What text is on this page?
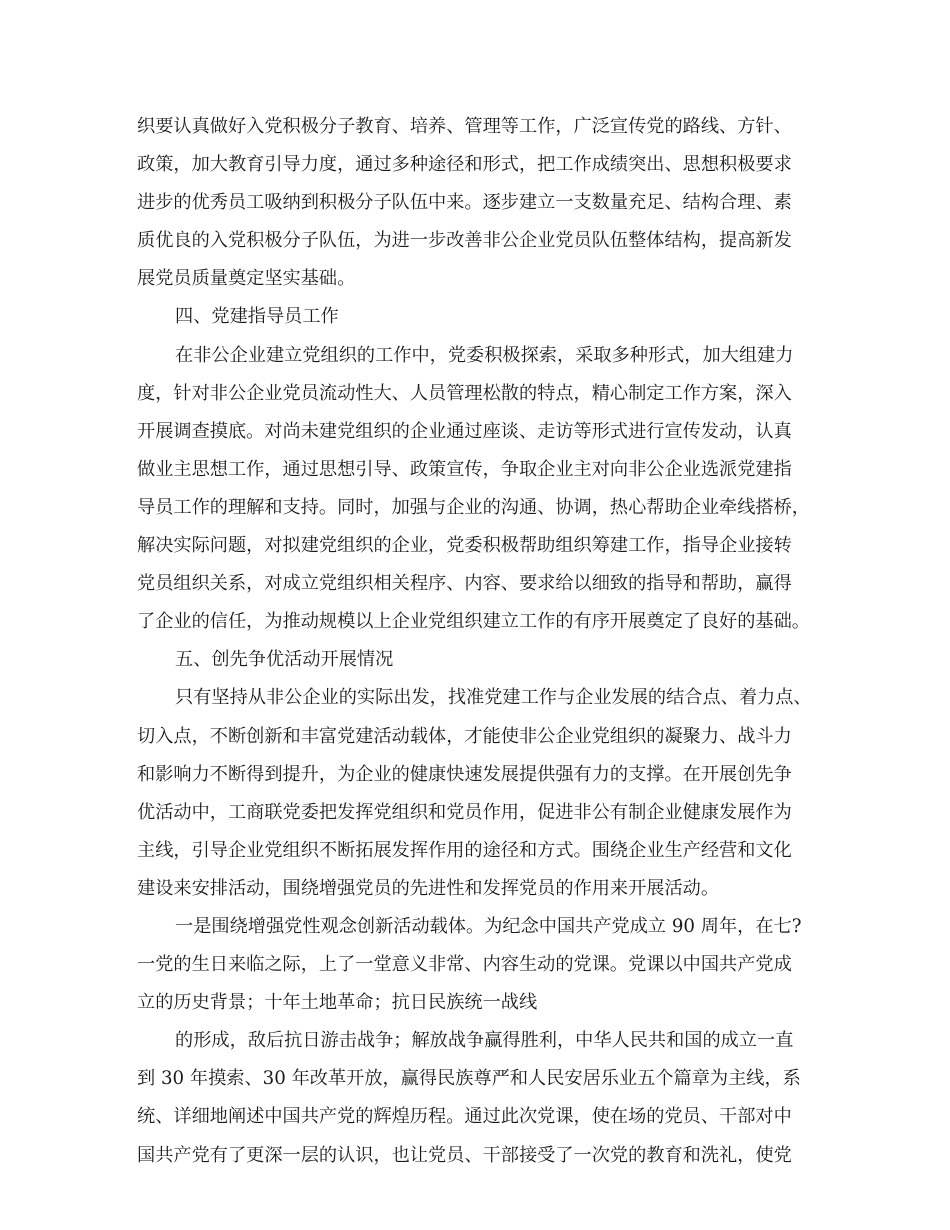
织要认真做好入党积极分子教育、培养、管理等工作，广泛宣传党的路线、方针、
政策，加大教育引导力度，通过多种途径和形式，把工作成绩突出、思想积极要求
进步的优秀员工吸纳到积极分子队伍中来。逐步建立一支数量充足、结构合理、素
质优良的入党积极分子队伍，为进一步改善非公企业党员队伍整体结构，提高新发
展党员质量奠定坚实基础。
四、党建指导员工作
在非公企业建立党组织的工作中，党委积极探索，采取多种形式，加大组建力
度，针对非公企业党员流动性大、人员管理松散的特点，精心制定工作方案，深入
开展调查摸底。对尚未建党组织的企业通过座谈、走访等形式进行宣传发动，认真
做业主思想工作，通过思想引导、政策宣传，争取企业主对向非公企业选派党建指
导员工作的理解和支持。同时，加强与企业的沟通、协调，热心帮助企业牵线搭桥，
解决实际问题，对拟建党组织的企业，党委积极帮助组织筹建工作，指导企业接转
党员组织关系，对成立党组织相关程序、内容、要求给以细致的指导和帮助，赢得
了企业的信任，为推动规模以上企业党组织建立工作的有序开展奠定了良好的基础。
五、创先争优活动开展情况
只有坚持从非公企业的实际出发，找准党建工作与企业发展的结合点、着力点、
切入点，不断创新和丰富党建活动载体，才能使非公企业党组织的凝聚力、战斗力
和影响力不断得到提升，为企业的健康快速发展提供强有力的支撑。在开展创先争
优活动中，工商联党委把发挥党组织和党员作用，促进非公有制企业健康发展作为
主线，引导企业党组织不断拓展发挥作用的途径和方式。围绕企业生产经营和文化
建设来安排活动，围绕增强党员的先进性和发挥党员的作用来开展活动。
一是围绕增强党性观念创新活动载体。为纪念中国共产党成立 90 周年，在七?
一党的生日来临之际，上了一堂意义非常、内容生动的党课。党课以中国共产党成
立的历史背景；十年土地革命；抗日民族统一战线
的形成，敌后抗日游击战争；解放战争赢得胜利，中华人民共和国的成立一直
到 30 年摸索、30 年改革开放，赢得民族尊严和人民安居乐业五个篇章为主线，系
统、详细地阐述中国共产党的辉煌历程。通过此次党课，使在场的党员、干部对中
国共产党有了更深一层的认识，也让党员、干部接受了一次党的教育和洗礼，使党
